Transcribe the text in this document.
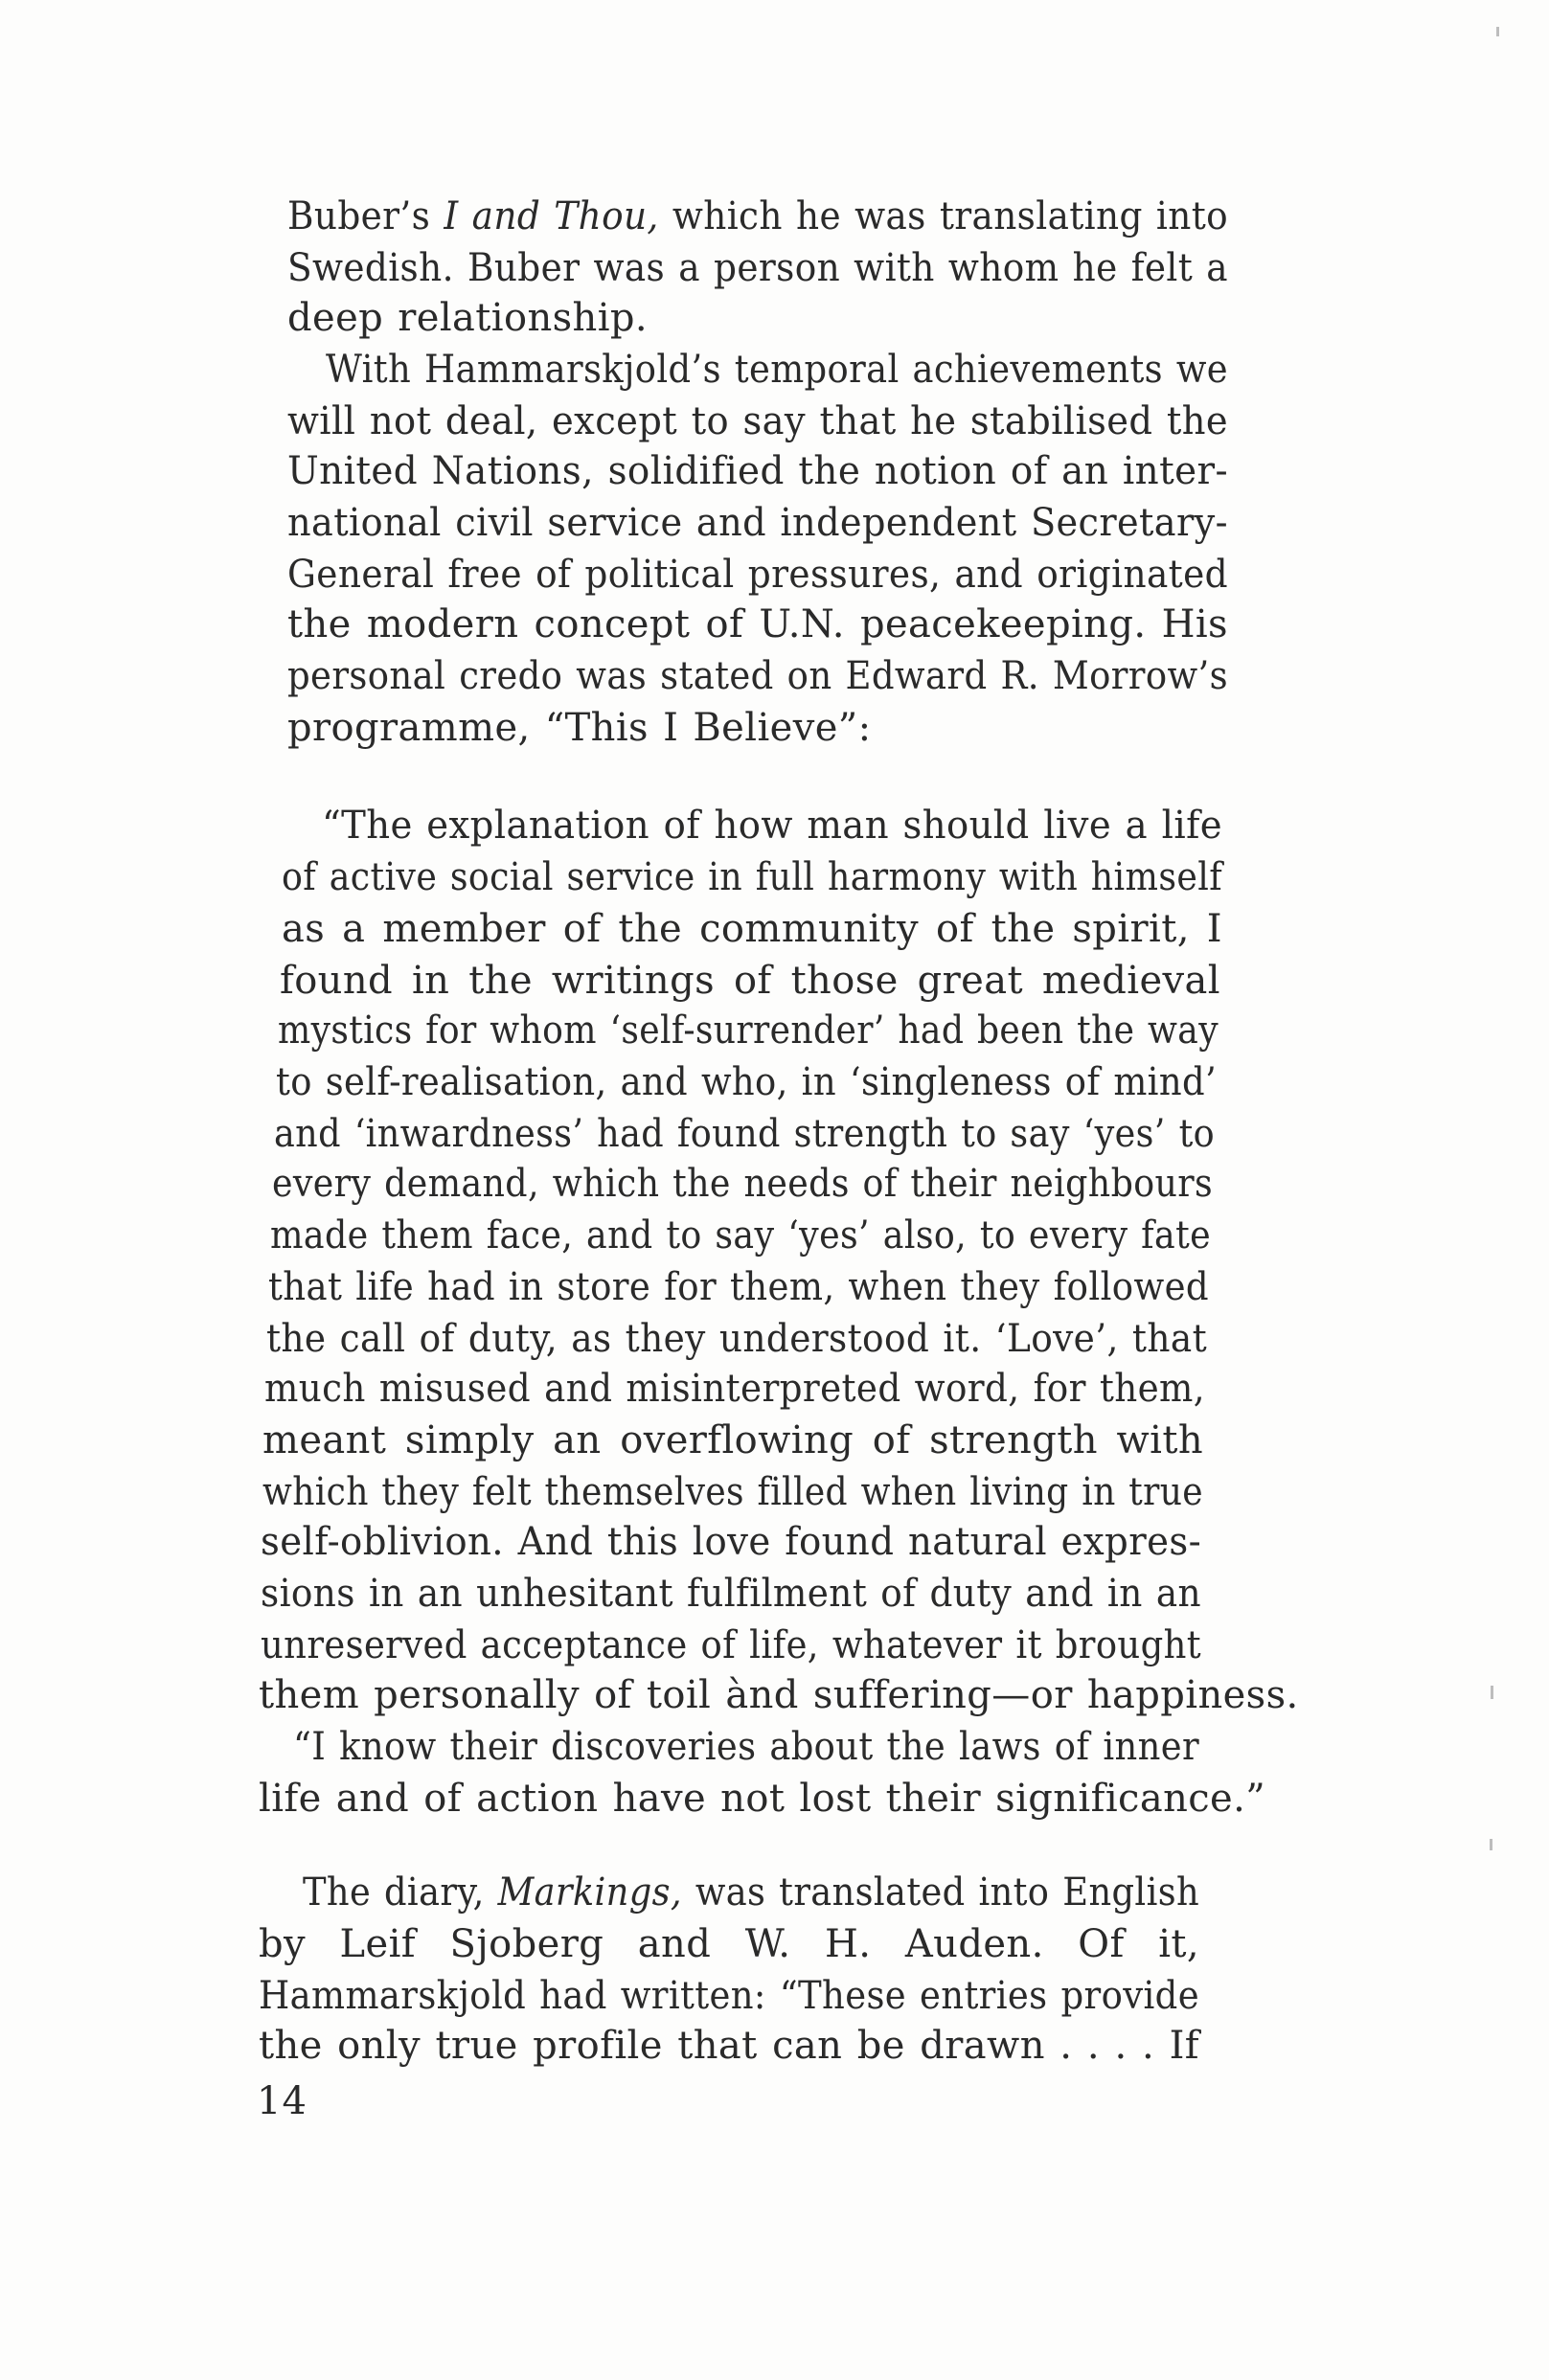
Buber’s I and Thou, which he was translating into
Swedish. Buber was a person with whom he felt a
deep relationship.
With Hammarskjold’s temporal achievements we
will not deal, except to say that he stabilised the
United Nations, solidified the notion of an inter-
national civil service and independent Secretary-
General free of political pressures, and originated
the modern concept of U.N. peacekeeping. His
personal credo was stated on Edward R. Morrow’s
programme, “This I Believe”:
“The explanation of how man should live a life
of active social service in full harmony with himself
as a member of the community of the spirit, I
found in the writings of those great medieval
mystics for whom ‘self-surrender’ had been the way
to self-realisation, and who, in ‘singleness of mind’
and ‘inwardness’ had found strength to say ‘yes’ to
every demand, which the needs of their neighbours
made them face, and to say ‘yes’ also, to every fate
that life had in store for them, when they followed
the call of duty, as they understood it. ‘Love’, that
much misused and misinterpreted word, for them,
meant simply an overflowing of strength with
which they felt themselves filled when living in true
self-oblivion. And this love found natural expres-
sions in an unhesitant fulfilment of duty and in an
unreserved acceptance of life, whatever it brought
them personally of toil ànd suffering—or happiness.
“I know their discoveries about the laws of inner
life and of action have not lost their significance.”
The diary, Markings, was translated into English
by Leif Sjoberg and W. H. Auden. Of it,
Hammarskjold had written: “These entries provide
the only true profile that can be drawn . . . . If
14
